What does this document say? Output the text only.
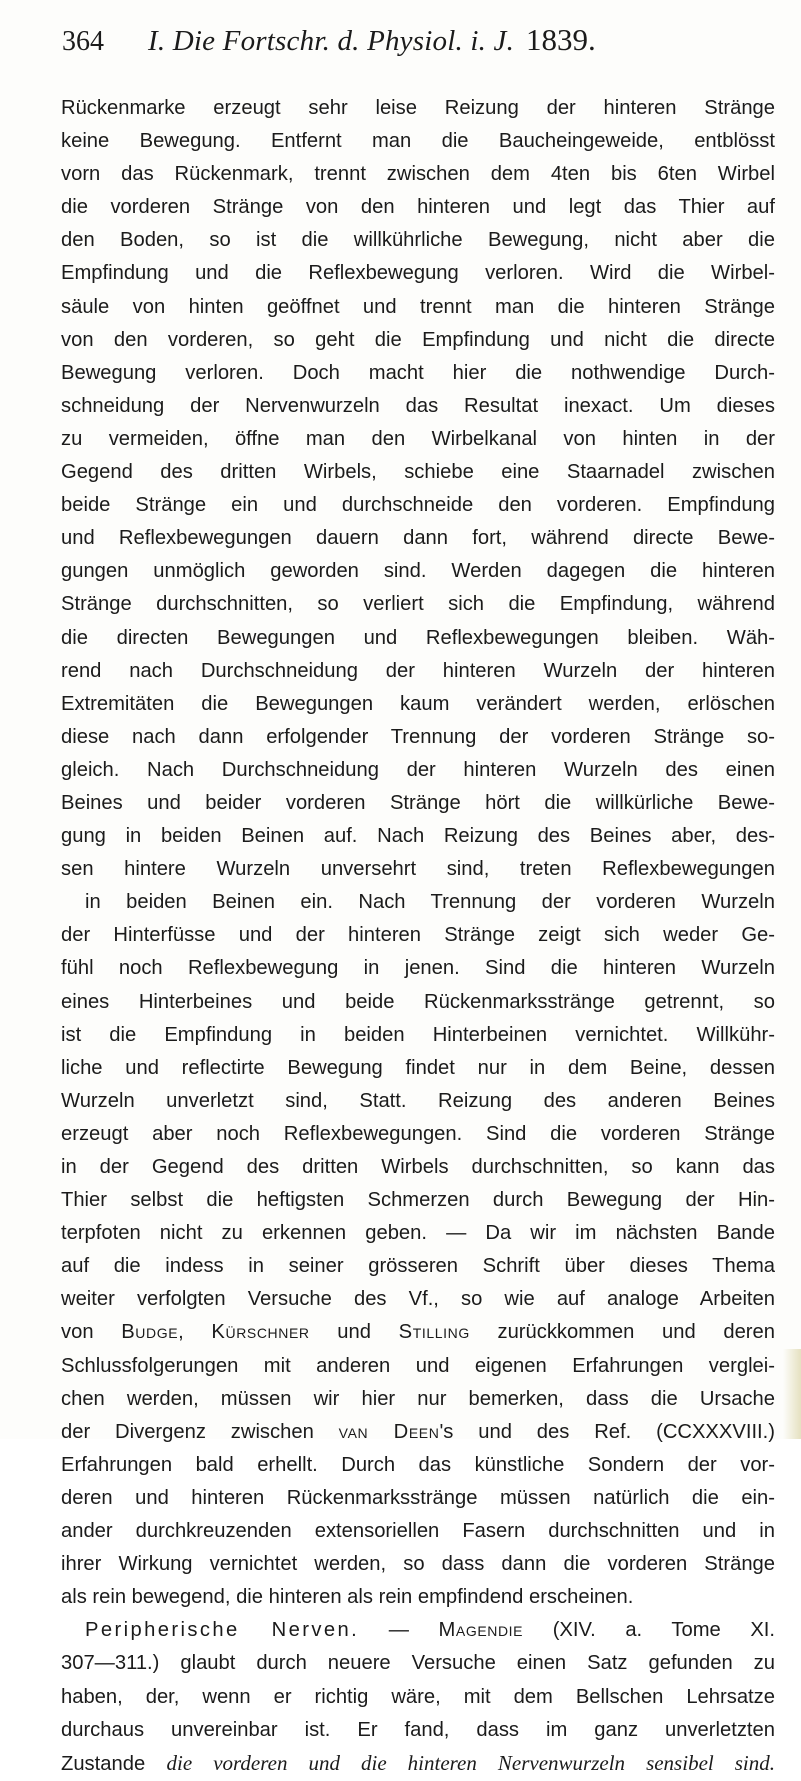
364	I. Die Fortschr. d. Physiol. i. J. 1839.
Rückenmarke erzeugt sehr leise Reizung der hinteren Stränge
keine Bewegung. Entfernt man die Baucheingeweide, entblösst
vorn das Rückenmark, trennt zwischen dem 4ten bis 6ten Wirbel
die vorderen Stränge von den hinteren und legt das Thier auf
den Boden, so ist die willkührliche Bewegung, nicht aber die
Empfindung und die Reflexbewegung verloren. Wird die Wirbel-
säule von hinten geöffnet und trennt man die hinteren Stränge
von den vorderen, so geht die Empfindung und nicht die directe
Bewegung verloren. Doch macht hier die nothwendige Durch-
schneidung der Nervenwurzeln das Resultat inexact. Um dieses
zu vermeiden, öffne man den Wirbelkanal von hinten in der
Gegend des dritten Wirbels, schiebe eine Staarnadel zwischen
beide Stränge ein und durchschneide den vorderen. Empfindung
und Reflexbewegungen dauern dann fort, während directe Bewe-
gungen unmöglich geworden sind. Werden dagegen die hinteren
Stränge durchschnitten, so verliert sich die Empfindung, während
die directen Bewegungen und Reflexbewegungen bleiben. Wäh-
rend nach Durchschneidung der hinteren Wurzeln der hinteren
Extremitäten die Bewegungen kaum verändert werden, erlöschen
diese nach dann erfolgender Trennung der vorderen Stränge so-
gleich. Nach Durchschneidung der hinteren Wurzeln des einen
Beines und beider vorderen Stränge hört die willkürliche Bewe-
gung in beiden Beinen auf. Nach Reizung des Beines aber, des-
sen hintere Wurzeln unversehrt sind, treten Reflexbewegungen
in beiden Beinen ein. Nach Trennung der vorderen Wurzeln
der Hinterfüsse und der hinteren Stränge zeigt sich weder Ge-
fühl noch Reflexbewegung in jenen. Sind die hinteren Wurzeln
eines Hinterbeines und beide Rückenmarksstränge getrennt, so
ist die Empfindung in beiden Hinterbeinen vernichtet. Willkühr-
liche und reflectirte Bewegung findet nur in dem Beine, dessen
Wurzeln unverletzt sind, Statt. Reizung des anderen Beines
erzeugt aber noch Reflexbewegungen. Sind die vorderen Stränge
in der Gegend des dritten Wirbels durchschnitten, so kann das
Thier selbst die heftigsten Schmerzen durch Bewegung der Hin-
terpfoten nicht zu erkennen geben. — Da wir im nächsten Bande
auf die indess in seiner grösseren Schrift über dieses Thema
weiter verfolgten Versuche des Vf., so wie auf analoge Arbeiten
von Budge, Kürschner und Stilling zurückkommen und deren
Schlussfolgerungen mit anderen und eigenen Erfahrungen verglei-
chen werden, müssen wir hier nur bemerken, dass die Ursache
der Divergenz zwischen van Deen's und des Ref. (CCXXXVIII.)
Erfahrungen bald erhellt. Durch das künstliche Sondern der vor-
deren und hinteren Rückenmarksstränge müssen natürlich die ein-
ander durchkreuzenden extensoriellen Fasern durchschnitten und in
ihrer Wirkung vernichtet werden, so dass dann die vorderen Stränge
als rein bewegend, die hinteren als rein empfindend erscheinen.
Peripherische Nerven. — Magendie (XIV. a. Tome XI.
307—311.) glaubt durch neuere Versuche einen Satz gefunden zu
haben, der, wenn er richtig wäre, mit dem Bellschen Lehrsatze
durchaus unvereinbar ist. Er fand, dass im ganz unverletzten
Zustande die vorderen und die hinteren Nervenwurzeln sensibel sind.
